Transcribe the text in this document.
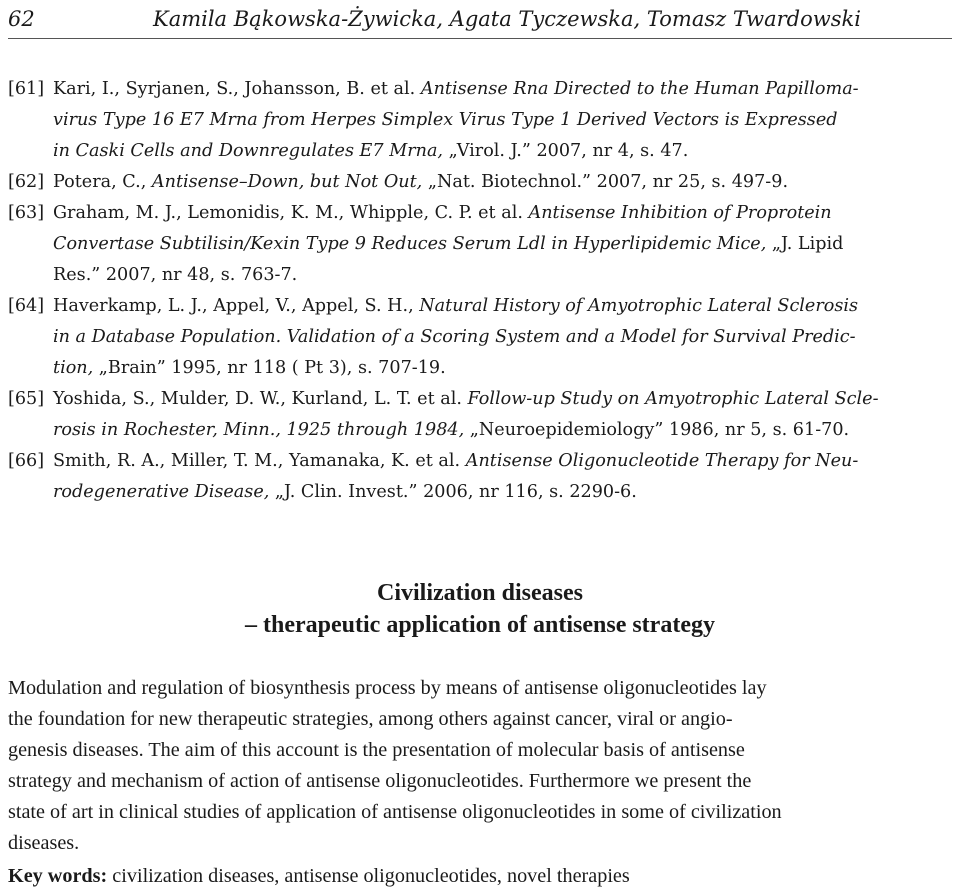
62	Kamila Bąkowska-Żywicka, Agata Tyczewska, Tomasz Twardowski
[61] Kari, I., Syrjanen, S., Johansson, B. et al. Antisense Rna Directed to the Human Papilloma-
virus Type 16 E7 Mrna from Herpes Simplex Virus Type 1 Derived Vectors is Expressed
in Caski Cells and Downregulates E7 Mrna, „Virol. J.” 2007, nr 4, s. 47.
[62] Potera, C., Antisense–Down, but Not Out, „Nat. Biotechnol.” 2007, nr 25, s. 497-9.
[63] Graham, M. J., Lemonidis, K. M., Whipple, C. P. et al. Antisense Inhibition of Proprotein
Convertase Subtilisin/Kexin Type 9 Reduces Serum Ldl in Hyperlipidemic Mice, „J. Lipid
Res.” 2007, nr 48, s. 763-7.
[64] Haverkamp, L. J., Appel, V., Appel, S. H., Natural History of Amyotrophic Lateral Sclerosis
in a Database Population. Validation of a Scoring System and a Model for Survival Predic-
tion, „Brain” 1995, nr 118 ( Pt 3), s. 707-19.
[65] Yoshida, S., Mulder, D. W., Kurland, L. T. et al. Follow-up Study on Amyotrophic Lateral Scle-
rosis in Rochester, Minn., 1925 through 1984, „Neuroepidemiology” 1986, nr 5, s. 61-70.
[66] Smith, R. A., Miller, T. M., Yamanaka, K. et al. Antisense Oligonucleotide Therapy for Neu-
rodegenerative Disease, „J. Clin. Invest.” 2006, nr 116, s. 2290-6.
Civilization diseases
– therapeutic application of antisense strategy
Modulation and regulation of biosynthesis process by means of antisense oligonucleotides lay
the foundation for new therapeutic strategies, among others against cancer, viral or angio-
genesis diseases. The aim of this account is the presentation of molecular basis of antisense
strategy and mechanism of action of antisense oligonucleotides. Furthermore we present the
state of art in clinical studies of application of antisense oligonucleotides in some of civilization
diseases.
Key words: civilization diseases, antisense oligonucleotides, novel therapies
